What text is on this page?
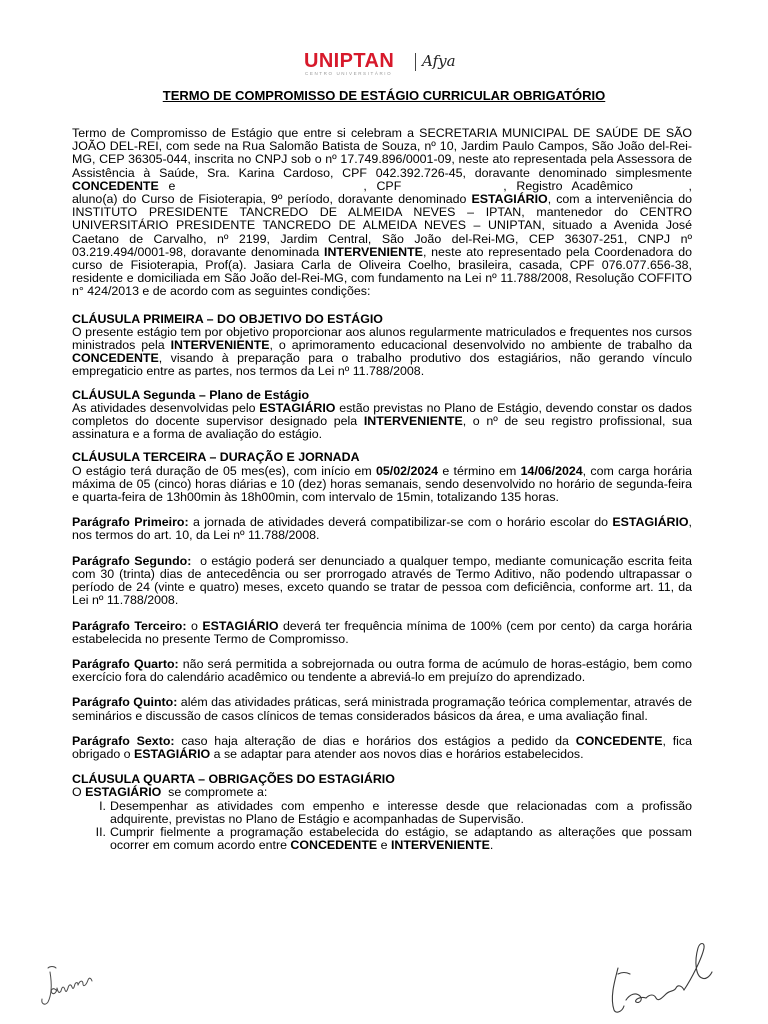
UNIPTAN
CENTRO UNIVERSITÁRIO
Afya
TERMO DE COMPROMISSO DE ESTÁGIO CURRICULAR OBRIGATÓRIO

Termo de Compromisso de Estágio que entre si celebram a SECRETARIA MUNICIPAL DE SAÚDE DE SÃO JOÃO DEL-REI, com sede na Rua Salomão Batista de Souza, nº 10, Jardim Paulo Campos, São João del-Rei-MG, CEP 36305-044, inscrita no CNPJ sob o nº 17.749.896/0001-09, neste ato representada pela Assessora de Assistência à Saúde, Sra. Karina Cardoso, CPF 042.392.726-45, doravante denominado simplesmente CONCEDENTE e	, CPF	, Registro Acadêmico	, aluno(a) do Curso de Fisioterapia, 9º período, doravante denominado ESTAGIÁRIO, com a interveniência do INSTITUTO PRESIDENTE TANCREDO DE ALMEIDA NEVES – IPTAN, mantenedor do CENTRO UNIVERSITÁRIO PRESIDENTE TANCREDO DE ALMEIDA NEVES – UNIPTAN, situado a Avenida José Caetano de Carvalho, nº 2199, Jardim Central, São João del-Rei-MG, CEP 36307-251, CNPJ nº 03.219.494/0001-98, doravante denominada INTERVENIENTE, neste ato representado pela Coordenadora do curso de Fisioterapia, Prof(a). Jasiara Carla de Oliveira Coelho, brasileira, casada, CPF 076.077.656-38, residente e domiciliada em São João del-Rei-MG, com fundamento na Lei nº 11.788/2008, Resolução COFFITO n° 424/2013 e de acordo com as seguintes condições:

CLÁUSULA PRIMEIRA – DO OBJETIVO DO ESTÁGIO

O presente estágio tem por objetivo proporcionar aos alunos regularmente matriculados e frequentes nos cursos ministrados pela INTERVENIENTE, o aprimoramento educacional desenvolvido no ambiente de trabalho da CONCEDENTE, visando à preparação para o trabalho produtivo dos estagiários, não gerando vínculo empregaticio entre as partes, nos termos da Lei nº 11.788/2008.

CLÁUSULA Segunda – Plano de Estágio

As atividades desenvolvidas pelo ESTAGIÁRIO estão previstas no Plano de Estágio, devendo constar os dados completos do docente supervisor designado pela INTERVENIENTE, o nº de seu registro profissional, sua assinatura e a forma de avaliação do estágio.

CLÁUSULA TERCEIRA – DURAÇÃO E JORNADA

O estágio terá duração de 05 mes(es), com início em 05/02/2024 e término em 14/06/2024, com carga horária máxima de 05 (cinco) horas diárias e 10 (dez) horas semanais, sendo desenvolvido no horário de segunda-feira e quarta-feira de 13h00min às 18h00min, com intervalo de 15min, totalizando 135 horas.

Parágrafo Primeiro: a jornada de atividades deverá compatibilizar-se com o horário escolar do ESTAGIÁRIO, nos termos do art. 10, da Lei nº 11.788/2008.

Parágrafo Segundo:  o estágio poderá ser denunciado a qualquer tempo, mediante comunicação escrita feita com 30 (trinta) dias de antecedência ou ser prorrogado através de Termo Aditivo, não podendo ultrapassar o período de 24 (vinte e quatro) meses, exceto quando se tratar de pessoa com deficiência, conforme art. 11, da Lei nº 11.788/2008.

Parágrafo Terceiro: o ESTAGIÁRIO deverá ter frequência mínima de 100% (cem por cento) da carga horária estabelecida no presente Termo de Compromisso.

Parágrafo Quarto: não será permitida a sobrejornada ou outra forma de acúmulo de horas-estágio, bem como exercício fora do calendário acadêmico ou tendente a abreviá-lo em prejuízo do aprendizado.

Parágrafo Quinto: além das atividades práticas, será ministrada programação teórica complementar, através de seminários e discussão de casos clínicos de temas considerados básicos da área, e uma avaliação final.

Parágrafo Sexto: caso haja alteração de dias e horários dos estágios a pedido da CONCEDENTE, fica obrigado o ESTAGIÁRIO a se adaptar para atender aos novos dias e horários estabelecidos.

CLÁUSULA QUARTA – OBRIGAÇÕES DO ESTAGIÁRIO

O ESTAGIÁRIO  se compromete a:

I. Desempenhar as atividades com empenho e interesse desde que relacionadas com a profissão adquirente, previstas no Plano de Estágio e acompanhadas de Supervisão.
II. Cumprir fielmente a programação estabelecida do estágio, se adaptando as alterações que possam ocorrer em comum acordo entre CONCEDENTE e INTERVENIENTE.
